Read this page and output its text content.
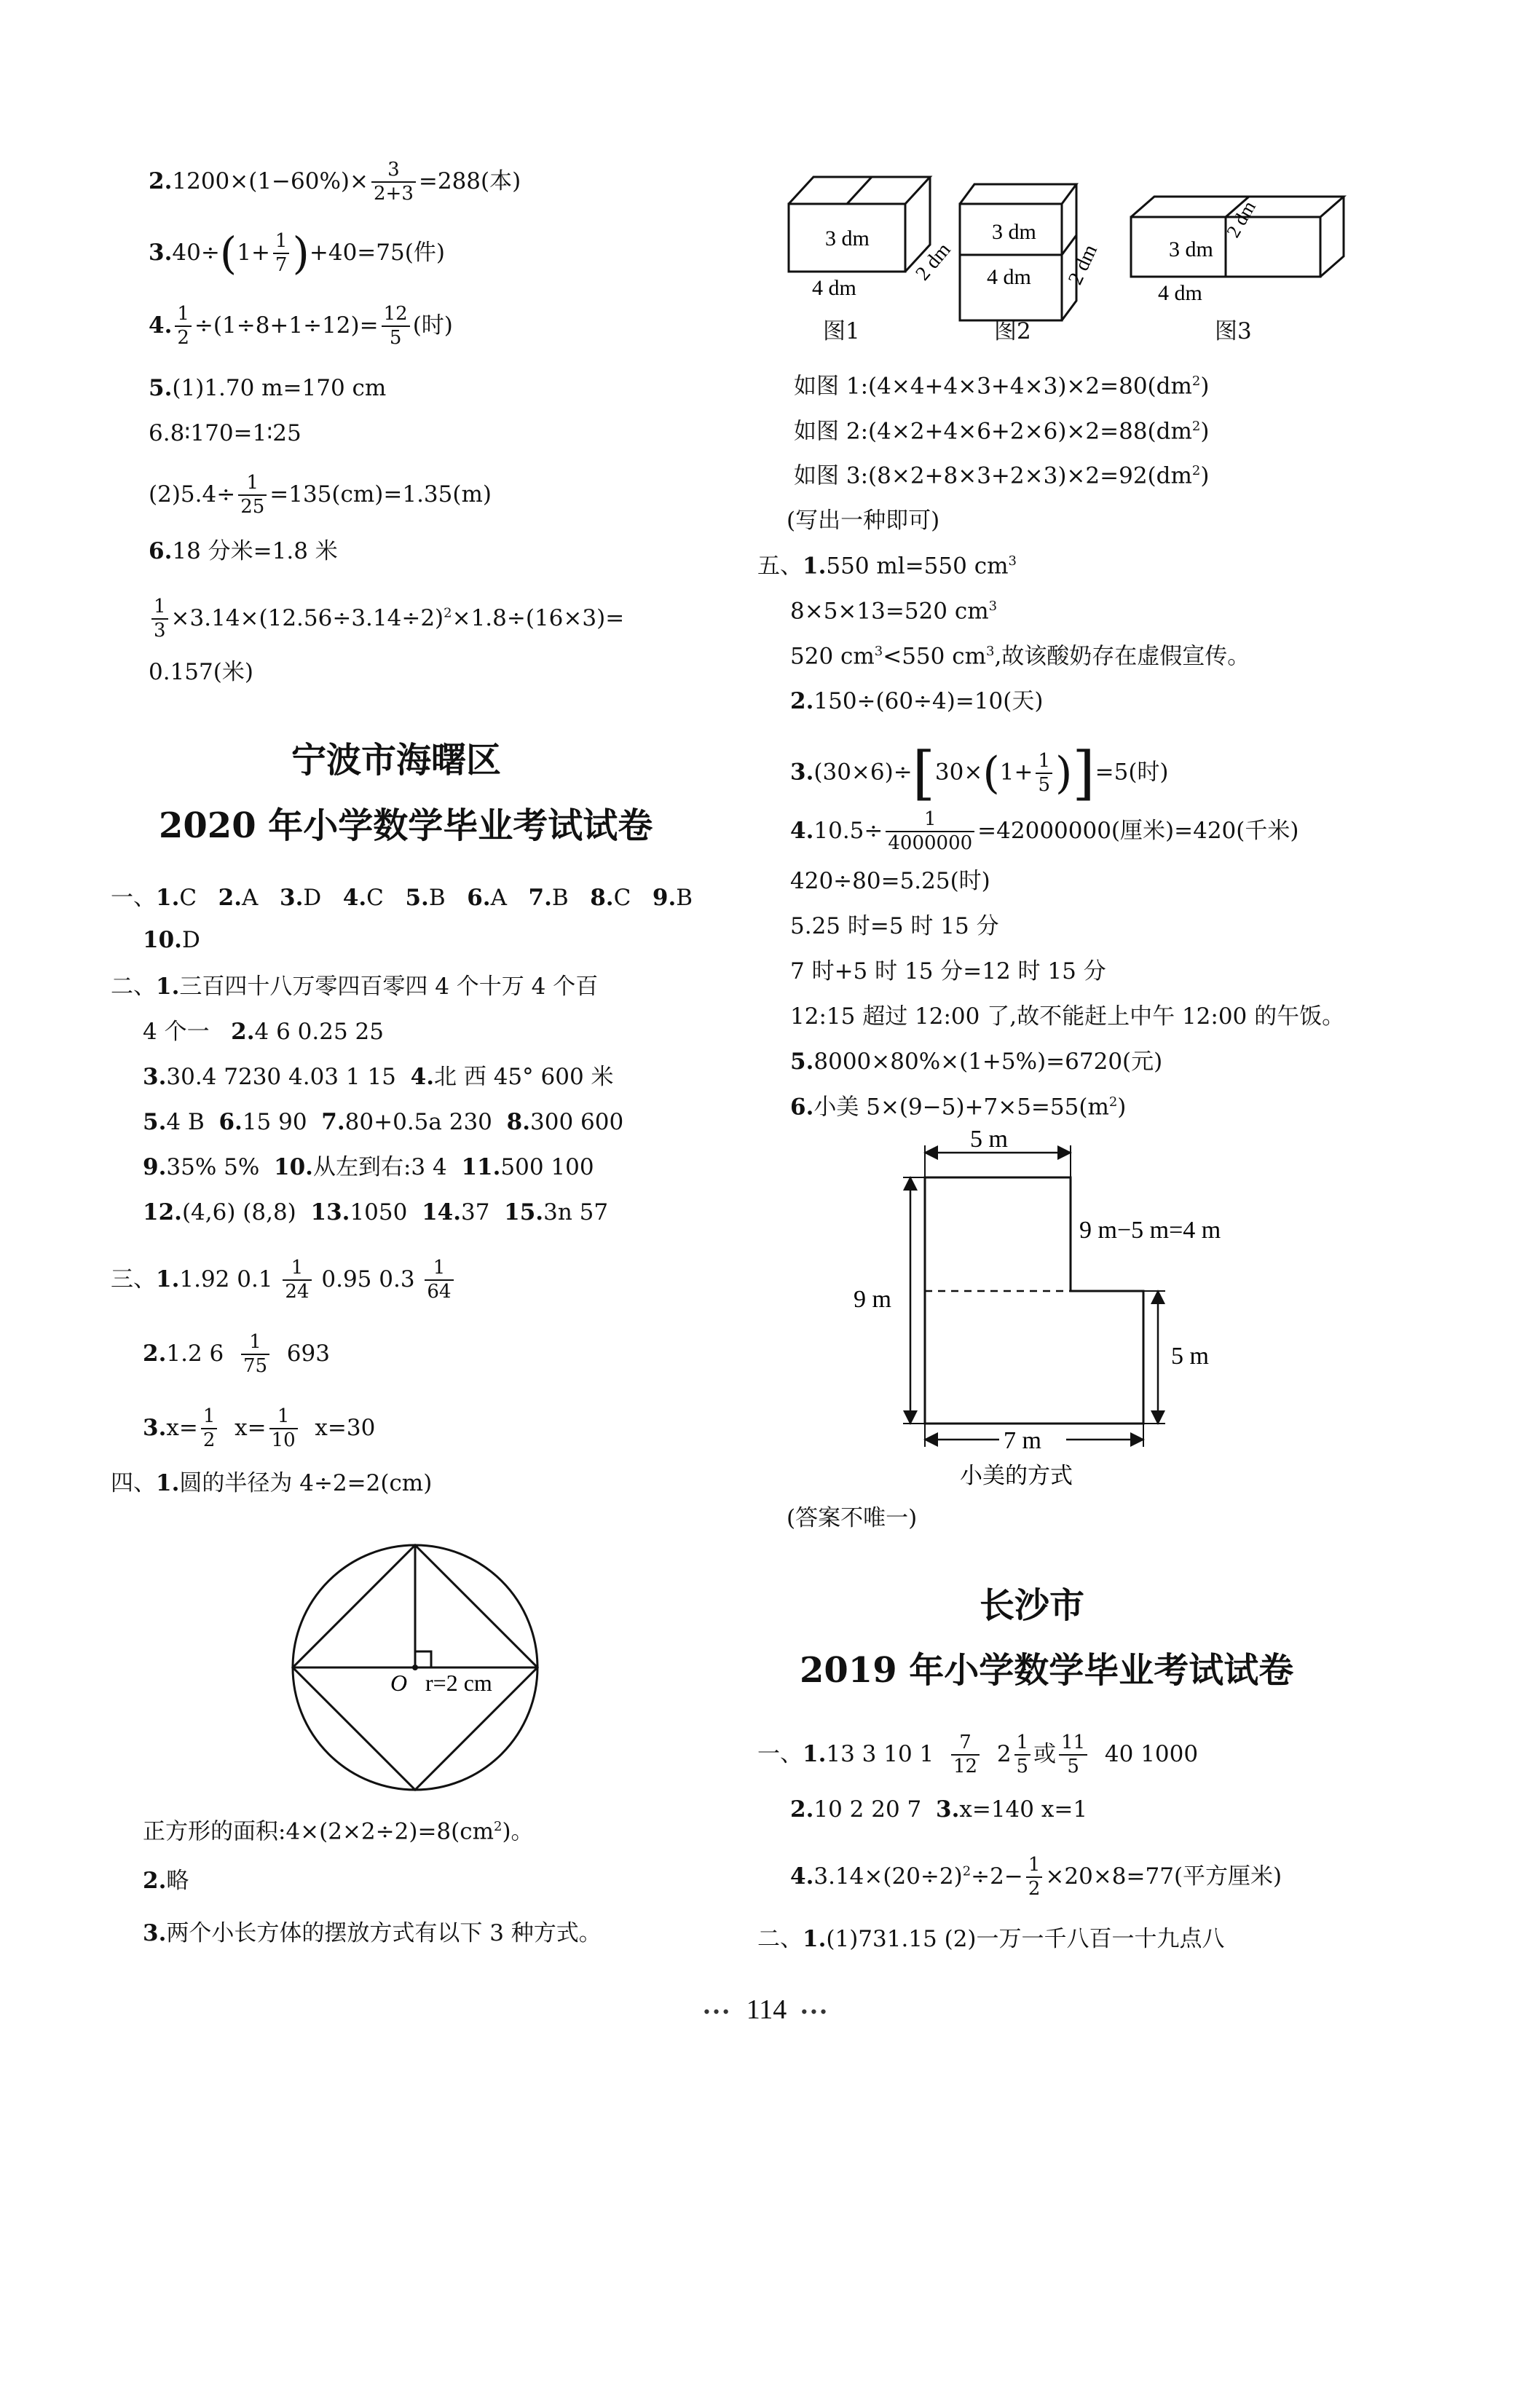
$2.1200\times(1-60\%)\times \frac{3}{2+3} =288$(本)
$3.40\div(1+ \frac{1}{7} )+40=75$(件)
4. $\frac{1}{2} \div(1\div 8+1\div 12)= \frac{12}{5}$ (时)
5.(1)1.70 m=170 cm
6.8∶170=1∶25
$(2)5.4\div \frac{1}{25} =135(cm)=1.35(m)$
6.18 分米=1.8 米
$\frac{1}{3} \times 3.14\times(12.56\div 3.14\div 2)^2\times 1.8\div(16\times 3)=$
0.157(米)
宁波市海曙区
2020 年小学数学毕业考试试卷
一、1.C 2.A 3.D 4.C 5.B 6.A 7.B 8.C 9.B
10.D
二、1.三百四十八万零四百零四 4 个十万 4 个百
4 个一 2.4 6 0.25 25
3.30.4 7230 4.03 1 15 4.北 西 45° 600 米
5.4 B 6.15 90 7.80+0.5a 230 8.300 600
9.35% 5% 10.从左到右:3 4 11.500 100
12.(4,6) (8,8) 13.1050 14.37 15.3n 57
三、1.1.92 $0.1 \frac{1}{24} 0.95$ $0.3 \frac{1}{64}$
2.1.2 $6 \frac{1}{75} 693$
$3.x= \frac{1}{2} x= \frac{1}{10} x=30$
四、1.圆的半径为 4÷2=2(cm)
O r=2 cm
正方形的面积$:4\times(2\times 2\div 2)=8(cm^2)$。
2.略
3.两个小长方体的摆放方式有以下 3 种方式。
3 dm
4 dm
2 dm
图1
3 dm
4 dm 2 dm
图2
3 dm
4 dm
2 dm
图3
如图 $1:(4\times 4+4\times 3+4\times 3)\times 2=80(dm^2)$
如图 $2:(4\times 2+4\times 6+2\times 6)\times 2=88(dm^2)$
如图 $3:(8\times 2+8\times 3+2\times 3)\times 2=92(dm^2)$
(写出一种即可)
五、1.550 ml=550 $cm^3$
8×5×13=520 $cm^3$
520 $cm^3<550$ $cm^3$,故该酸奶存在虚假宣传。
2.150÷(60÷4)=10(天)
$3.(30\times 6)\div[30\times(1+ \frac{1}{5} )]=5$(时)
$4.10.5\div \frac{1}{4000000} =42000000$(厘米)=420(千米)
420÷80=5.25(时)
5.25 时=5 时 15 分
7 时+5 时 15 分=12 时 15 分
12:15 超过 12:00 了,故不能赶上中午 12:00 的午饭。
5.8000×80%×(1+5%)=6720(元)
6.小美 $5\times(9-5)+7\times 5=55(m^2)$
5 m
9 m−5 m=4 m
9 m
5 m
7 m
小美的方式
(答案不唯一)
长沙市
2019 年小学数学毕业考试试卷
一、1.13 3 10 $1 \frac{7}{12} 2 \frac{1}{5}$ 或 $\frac{11}{5} 40$ 1000
2.10 2 20 7 3.x=140 x=1
$4.3.14\times(20\div 2)^2\div 2- \frac{1}{2} \times 20\times 8=77$(平方厘米)
二、1.(1)731.15 (2)一万一千八百一十九点八
••• 114 •••
